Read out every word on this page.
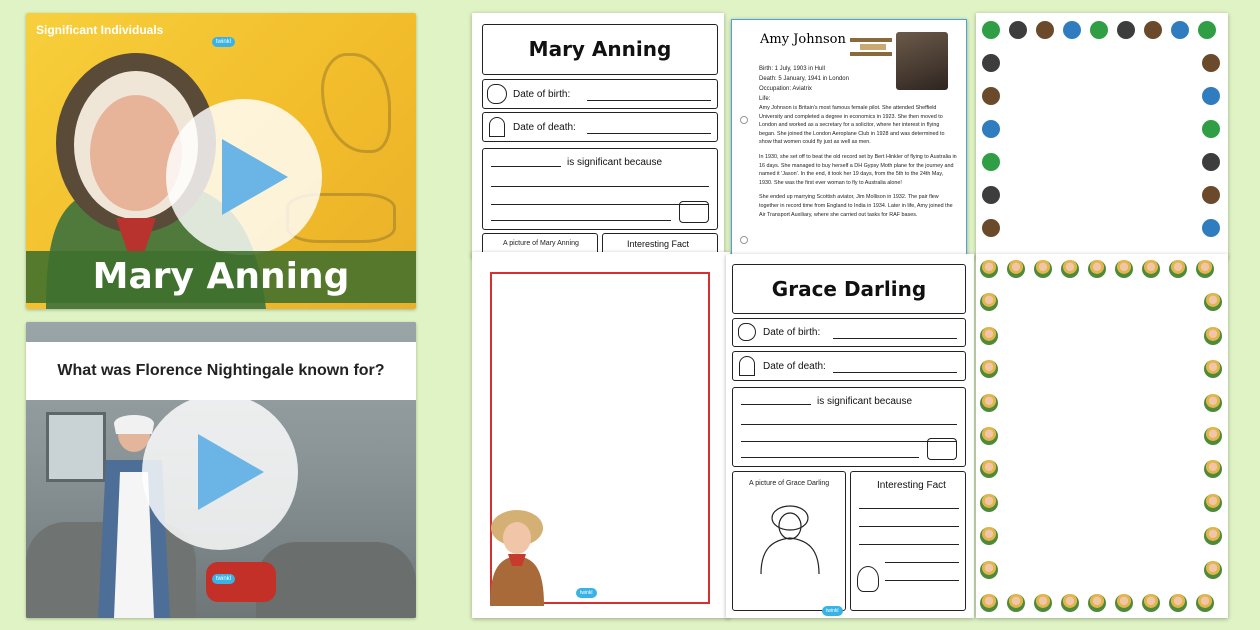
Significant Individuals
twinkl
Mary Anning
What was Florence Nightingale known for?
twinkl
Mary Anning
Date of birth:
Date of death:
is significant because
A picture of Mary Anning	Interesting Fact
Amy Johnson
Birth: 1 July, 1903 in Hull
Death: 5 January, 1941 in London
Occupation: Aviatrix
Life:

Amy Johnson is Britain's most famous female pilot. She attended Sheffield University and completed a degree in economics in 1923. She then moved to London and worked as a secretary for a solicitor, where her interest in flying began. She joined the London Aeroplane Club in 1928 and was determined to show that women could fly just as well as men.

In 1930, she set off to beat the old record set by Bert Hinkler of flying to Australia in 16 days. She managed to buy herself a DH Gypsy Moth plane for the journey and named it 'Jason'. In the end, it took her 19 days, from the 5th to the 24th May, 1930. She was the first ever woman to fly to Australia alone!

She ended up marrying Scottish aviator, Jim Mollison in 1932. The pair flew together in record time from England to India in 1934. Later in life, Amy joined the Air Transport Auxiliary, where she carried out tasks for RAF bases.

twinkl
Grace Darling
Date of birth:
Date of death:
is significant because
A picture of Grace Darling	Interesting Fact
twinkl
